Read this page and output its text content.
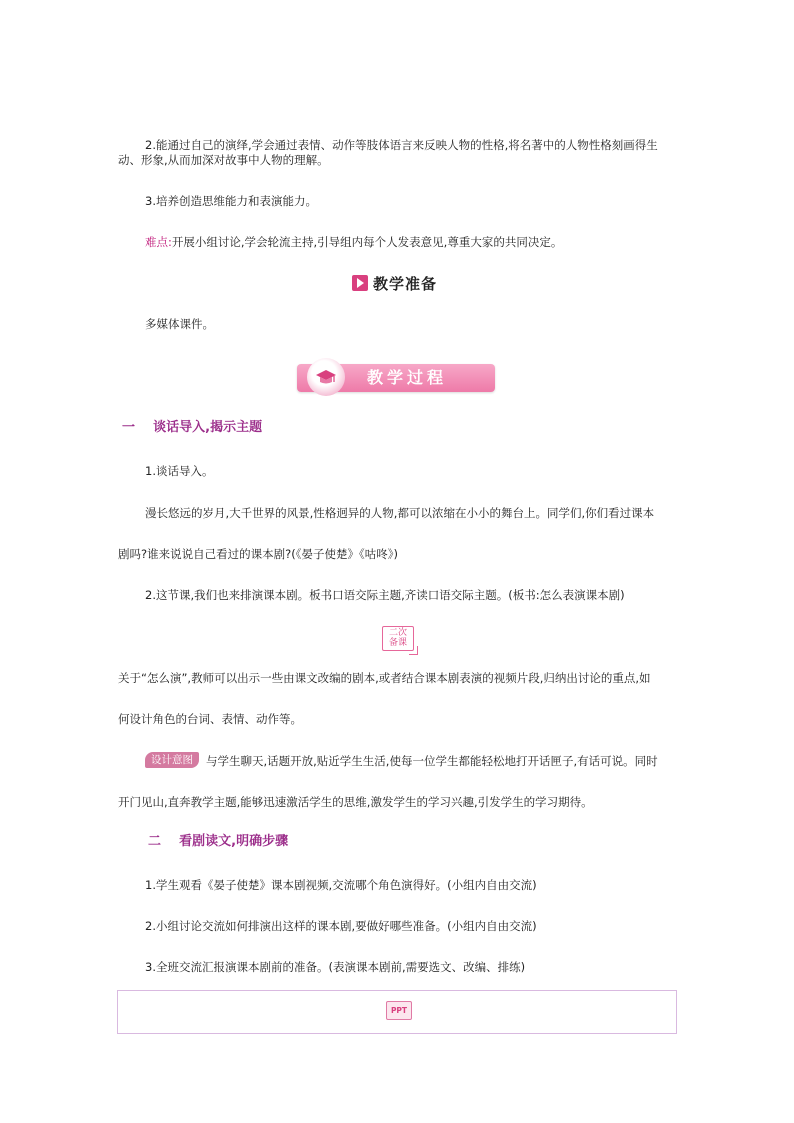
2.能通过自己的演绎,学会通过表情、动作等肢体语言来反映人物的性格,将名著中的人物性格刻画得生
动、形象,从而加深对故事中人物的理解。
3.培养创造思维能力和表演能力。
难点:开展小组讨论,学会轮流主持,引导组内每个人发表意见,尊重大家的共同决定。
教学准备
多媒体课件。
教学过程
一 谈话导入,揭示主题
1.谈话导入。
漫长悠远的岁月,大千世界的风景,性格迥异的人物,都可以浓缩在小小的舞台上。同学们,你们看过课本
剧吗?谁来说说自己看过的课本剧?(《晏子使楚》《咕咚》)
2.这节课,我们也来排演课本剧。板书口语交际主题,齐读口语交际主题。(板书:怎么表演课本剧)
二次
备课
关于“怎么演”,教师可以出示一些由课文改编的剧本,或者结合课本剧表演的视频片段,归纳出讨论的重点,如
何设计角色的台词、表情、动作等。
设计意图	与学生聊天,话题开放,贴近学生生活,使每一位学生都能轻松地打开话匣子,有话可说。同时
开门见山,直奔教学主题,能够迅速激活学生的思维,激发学生的学习兴趣,引发学生的学习期待。
二 看剧读文,明确步骤
1.学生观看《晏子使楚》课本剧视频,交流哪个角色演得好。(小组内自由交流)
2.小组讨论交流如何排演出这样的课本剧,要做好哪些准备。(小组内自由交流)
3.全班交流汇报演课本剧前的准备。(表演课本剧前,需要选文、改编、排练)
PPT
